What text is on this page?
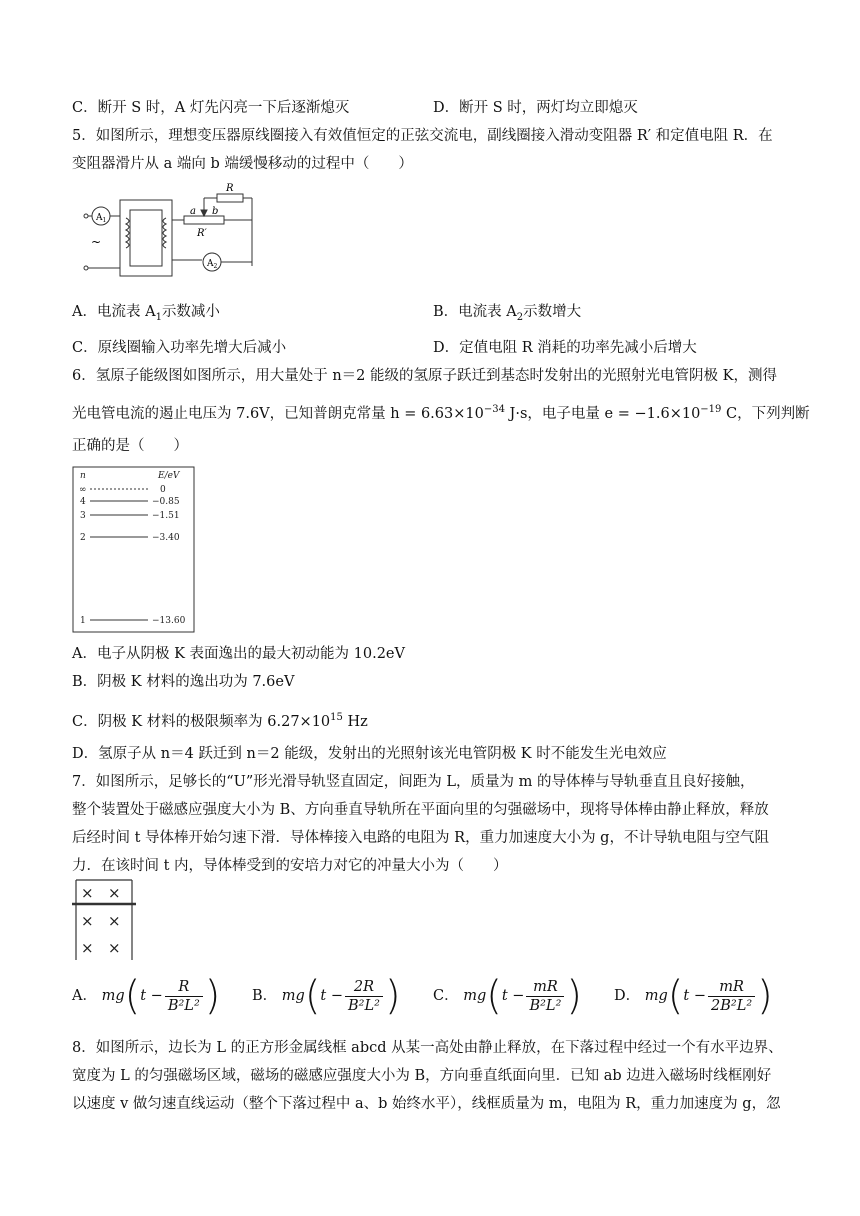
C．断开 S 时，A 灯先闪亮一下后逐渐熄灭	D．断开 S 时，两灯均立即熄灭
5．如图所示，理想变压器原线圈接入有效值恒定的正弦交流电，副线圈接入滑动变阻器 R′ 和定值电阻 R．在
变阻器滑片从 a 端向 b 端缓慢移动的过程中（　　）
$A_1$
~
R
a b
R′
$A_2$
A．电流表 $A_1$示数减小	B．电流表 $A_2$示数增大
C．原线圈输入功率先增大后减小	D．定值电阻 R 消耗的功率先减小后增大
6．氢原子能级图如图所示，用大量处于 n＝2 能级的氢原子跃迁到基态时发射出的光照射光电管阴极 K，测得
光电管电流的遏止电压为 7.6V，已知普朗克常量 $h = 6.63\times 10^{-34}$ J·s，电子电量 $e = -1.6\times 10^{-19}$ C，下列判断
正确的是（　　）
n	E/eV
∞	0
4	−0.85
3	−1.51
2	−3.40
1	−13.60
A．电子从阴极 K 表面逸出的最大初动能为 10.2eV
B．阴极 K 材料的逸出功为 7.6eV
C．阴极 K 材料的极限频率为 $6.27\times 10^{15}$ Hz
D．氢原子从 n＝4 跃迁到 n＝2 能级，发射出的光照射该光电管阴极 K 时不能发生光电效应
7．如图所示，足够长的“U”形光滑导轨竖直固定，间距为 L，质量为 m 的导体棒与导轨垂直且良好接触，
整个装置处于磁感应强度大小为 B、方向垂直导轨所在平面向里的匀强磁场中，现将导体棒由静止释放，释放
后经时间 t 导体棒开始匀速下滑．导体棒接入电路的电阻为 R，重力加速度大小为 g，不计导轨电阻与空气阻
力．在该时间 t 内，导体棒受到的安培力对它的冲量大小为（　　）
× ×
× ×
× ×
A． $mg(t - \frac{R}{\text{B²L²}}$ ) B． $mg(t - \frac{2R}{\text{B²L²}}$ ) C． $mg(t - \frac{mR}{\text{B²L²}}$ ) D． $mg(t - \frac{mR}{\text{2B²L²}}$ )
8．如图所示，边长为 L 的正方形金属线框 abcd 从某一高处由静止释放，在下落过程中经过一个有水平边界、
宽度为 L 的匀强磁场区域，磁场的磁感应强度大小为 B，方向垂直纸面向里．已知 ab 边进入磁场时线框刚好
以速度 v 做匀速直线运动（整个下落过程中 a、b 始终水平），线框质量为 m，电阻为 R，重力加速度为 g，忽
